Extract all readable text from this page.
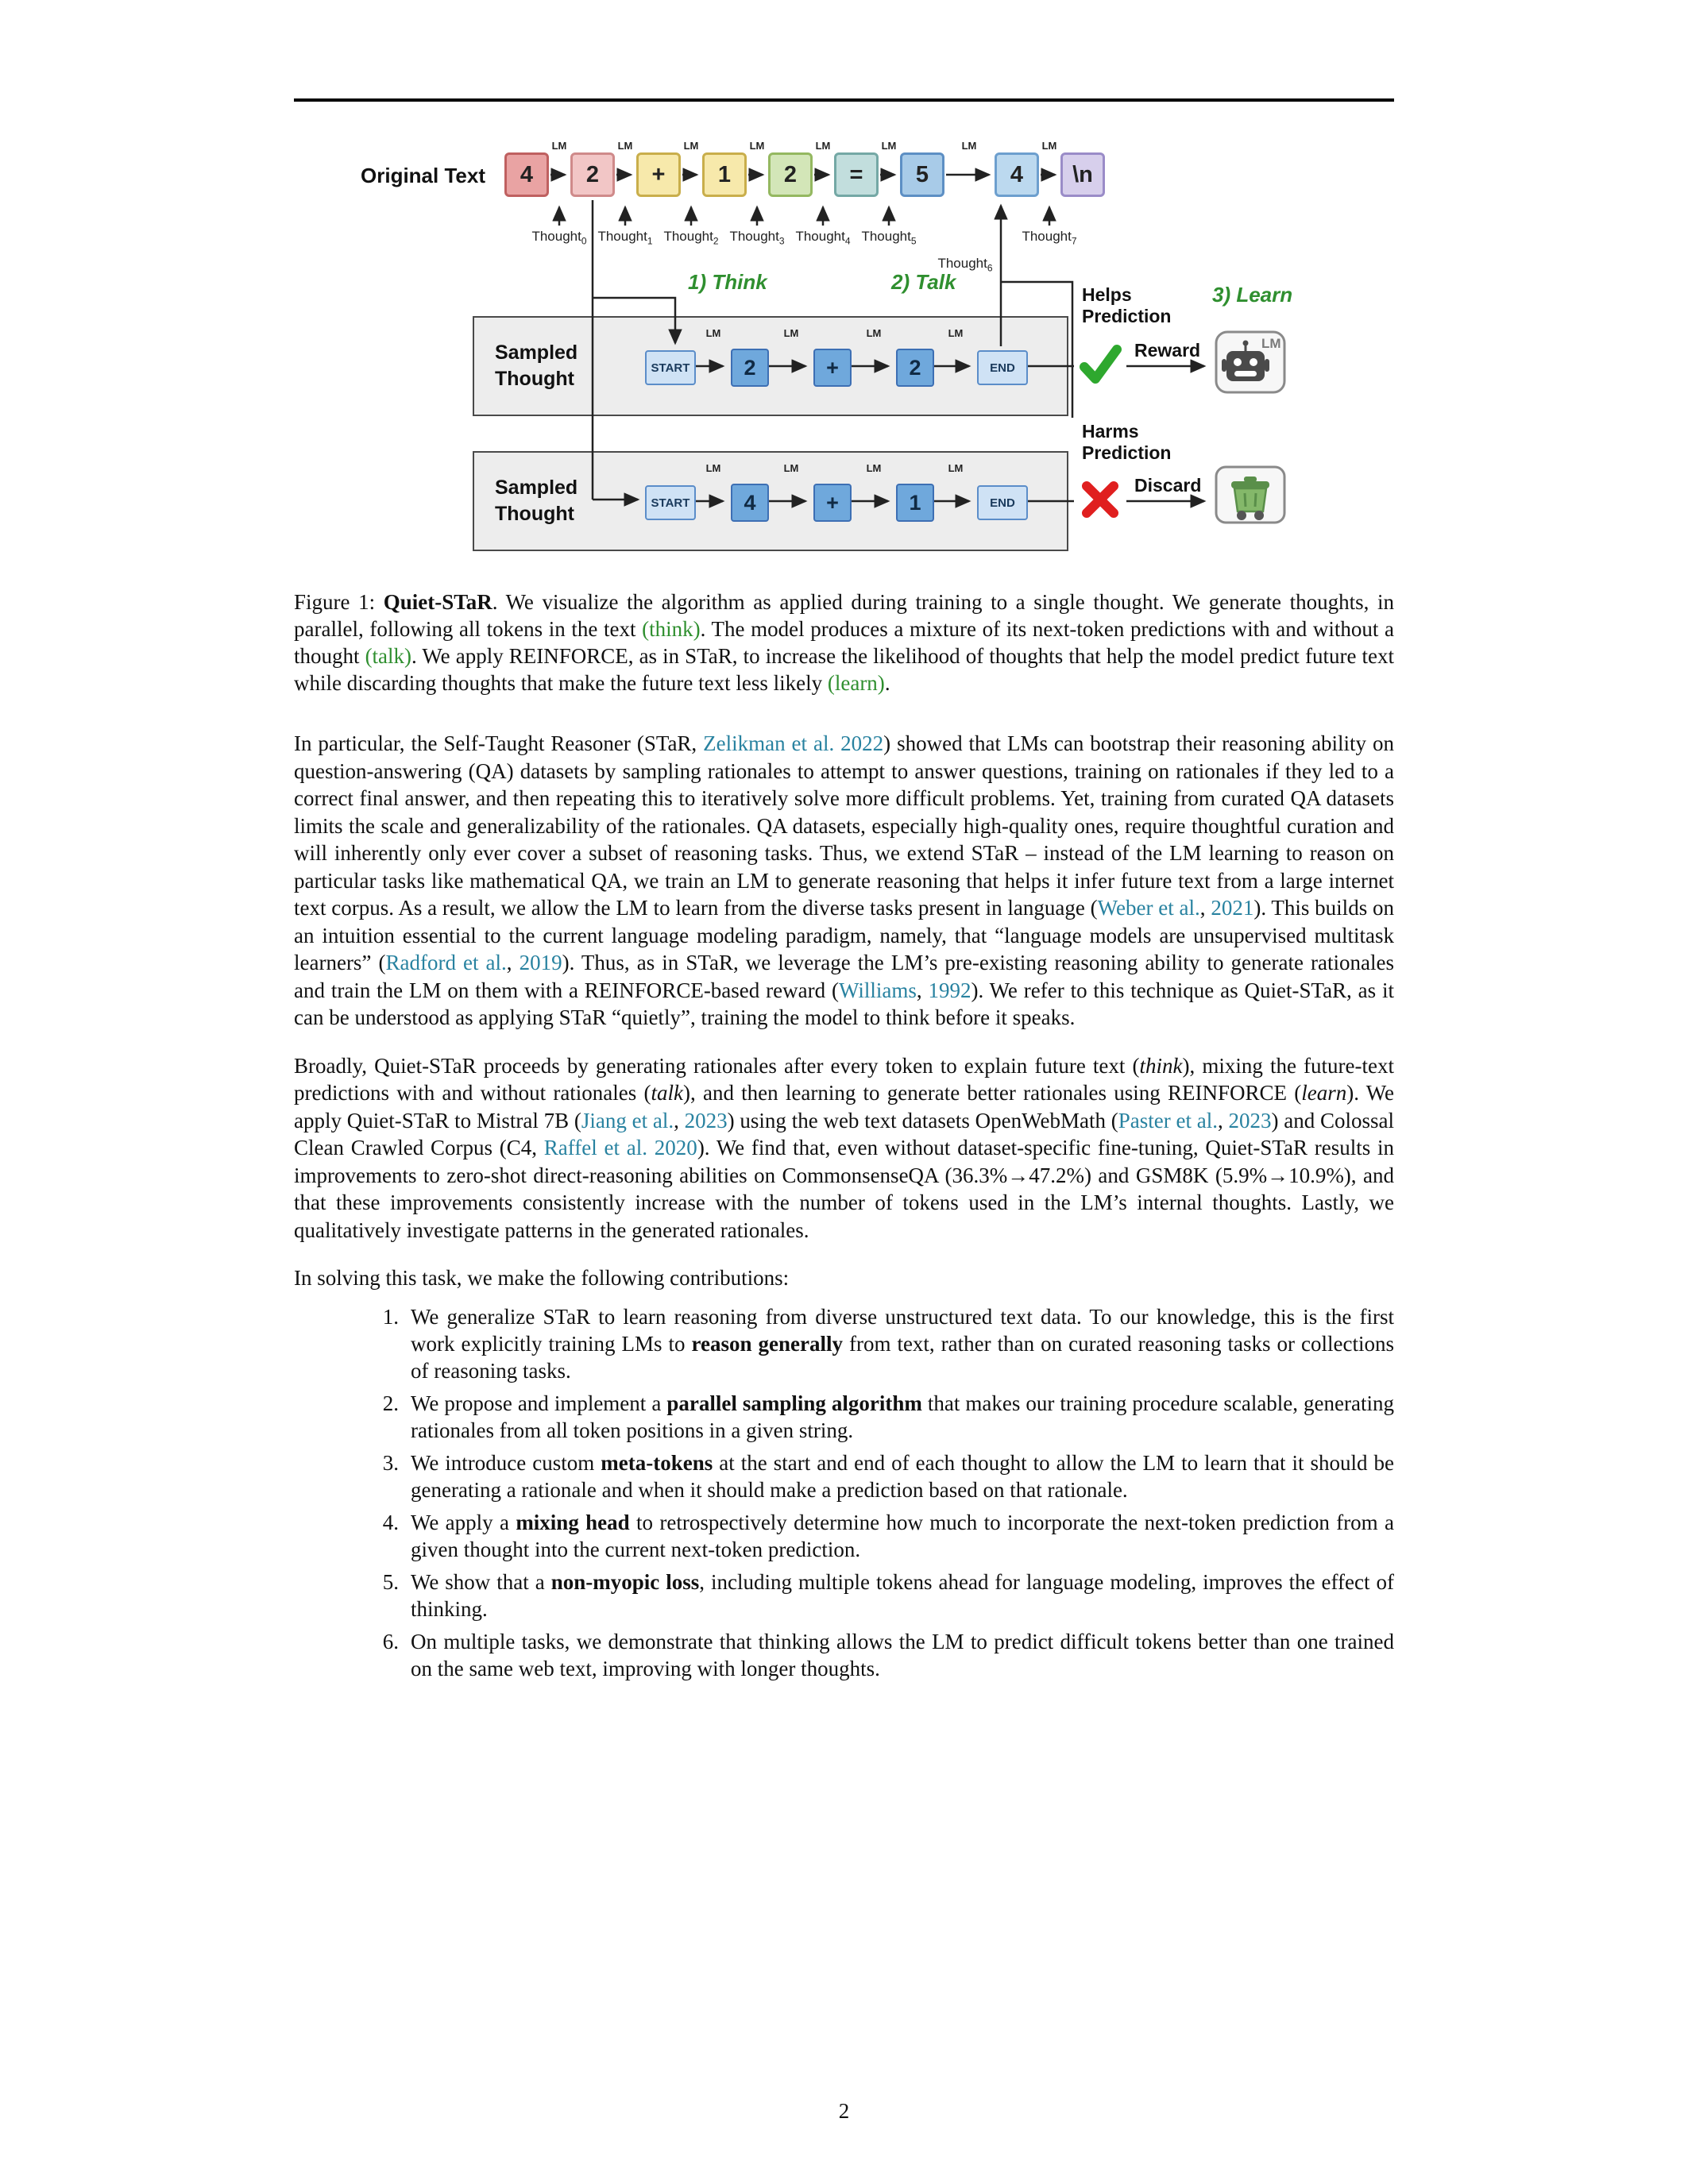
Original Text	4	2	+	1	2	=	5	4	\n
LM	LM	LM	LM	LM	LM	LM	LM
Thought$_0$ Thought$_1$ Thought$_2$ Thought$_3$ Thought$_4$ Thought$_5$	Thought$_7$
Thought$_6$
1) Think	2) Talk
3) Learn
Sampled Thought	START	2	+	2	END
LM	LM	LM	LM
Sampled Thought	START	4	+	1	END
LM	LM	LM	LM
Helps Prediction
Harms Prediction
Reward
Discard
LM
Figure 1: Quiet-STaR. We visualize the algorithm as applied during training to a single thought. We generate thoughts, in parallel, following all tokens in the text (think). The model produces a mixture of its next-token predictions with and without a thought (talk). We apply REINFORCE, as in STaR, to increase the likelihood of thoughts that help the model predict future text while discarding thoughts that make the future text less likely (learn).
In particular, the Self-Taught Reasoner (STaR, Zelikman et al. 2022) showed that LMs can bootstrap their reasoning ability on question-answering (QA) datasets by sampling rationales to attempt to answer questions, training on rationales if they led to a correct final answer, and then repeating this to iteratively solve more difficult problems. Yet, training from curated QA datasets limits the scale and generalizability of the rationales. QA datasets, especially high-quality ones, require thoughtful curation and will inherently only ever cover a subset of reasoning tasks. Thus, we extend STaR – instead of the LM learning to reason on particular tasks like mathematical QA, we train an LM to generate reasoning that helps it infer future text from a large internet text corpus. As a result, we allow the LM to learn from the diverse tasks present in language (Weber et al., 2021). This builds on an intuition essential to the current language modeling paradigm, namely, that “language models are unsupervised multitask learners” (Radford et al., 2019). Thus, as in STaR, we leverage the LM’s pre-existing reasoning ability to generate rationales and train the LM on them with a REINFORCE-based reward (Williams, 1992). We refer to this technique as Quiet-STaR, as it can be understood as applying STaR “quietly”, training the model to think before it speaks.
Broadly, Quiet-STaR proceeds by generating rationales after every token to explain future text (think), mixing the future-text predictions with and without rationales (talk), and then learning to generate better rationales using REINFORCE (learn). We apply Quiet-STaR to Mistral 7B (Jiang et al., 2023) using the web text datasets OpenWebMath (Paster et al., 2023) and Colossal Clean Crawled Corpus (C4, Raffel et al. 2020). We find that, even without dataset-specific fine-tuning, Quiet-STaR results in improvements to zero-shot direct-reasoning abilities on CommonsenseQA (36.3%→47.2%) and GSM8K (5.9%→10.9%), and that these improvements consistently increase with the number of tokens used in the LM’s internal thoughts. Lastly, we qualitatively investigate patterns in the generated rationales.
In solving this task, we make the following contributions:
1. We generalize STaR to learn reasoning from diverse unstructured text data. To our knowledge, this is the first work explicitly training LMs to reason generally from text, rather than on curated reasoning tasks or collections of reasoning tasks.
2. We propose and implement a parallel sampling algorithm that makes our training procedure scalable, generating rationales from all token positions in a given string.
3. We introduce custom meta-tokens at the start and end of each thought to allow the LM to learn that it should be generating a rationale and when it should make a prediction based on that rationale.
4. We apply a mixing head to retrospectively determine how much to incorporate the next-token prediction from a given thought into the current next-token prediction.
5. We show that a non-myopic loss, including multiple tokens ahead for language modeling, improves the effect of thinking.
6. On multiple tasks, we demonstrate that thinking allows the LM to predict difficult tokens better than one trained on the same web text, improving with longer thoughts.
2
